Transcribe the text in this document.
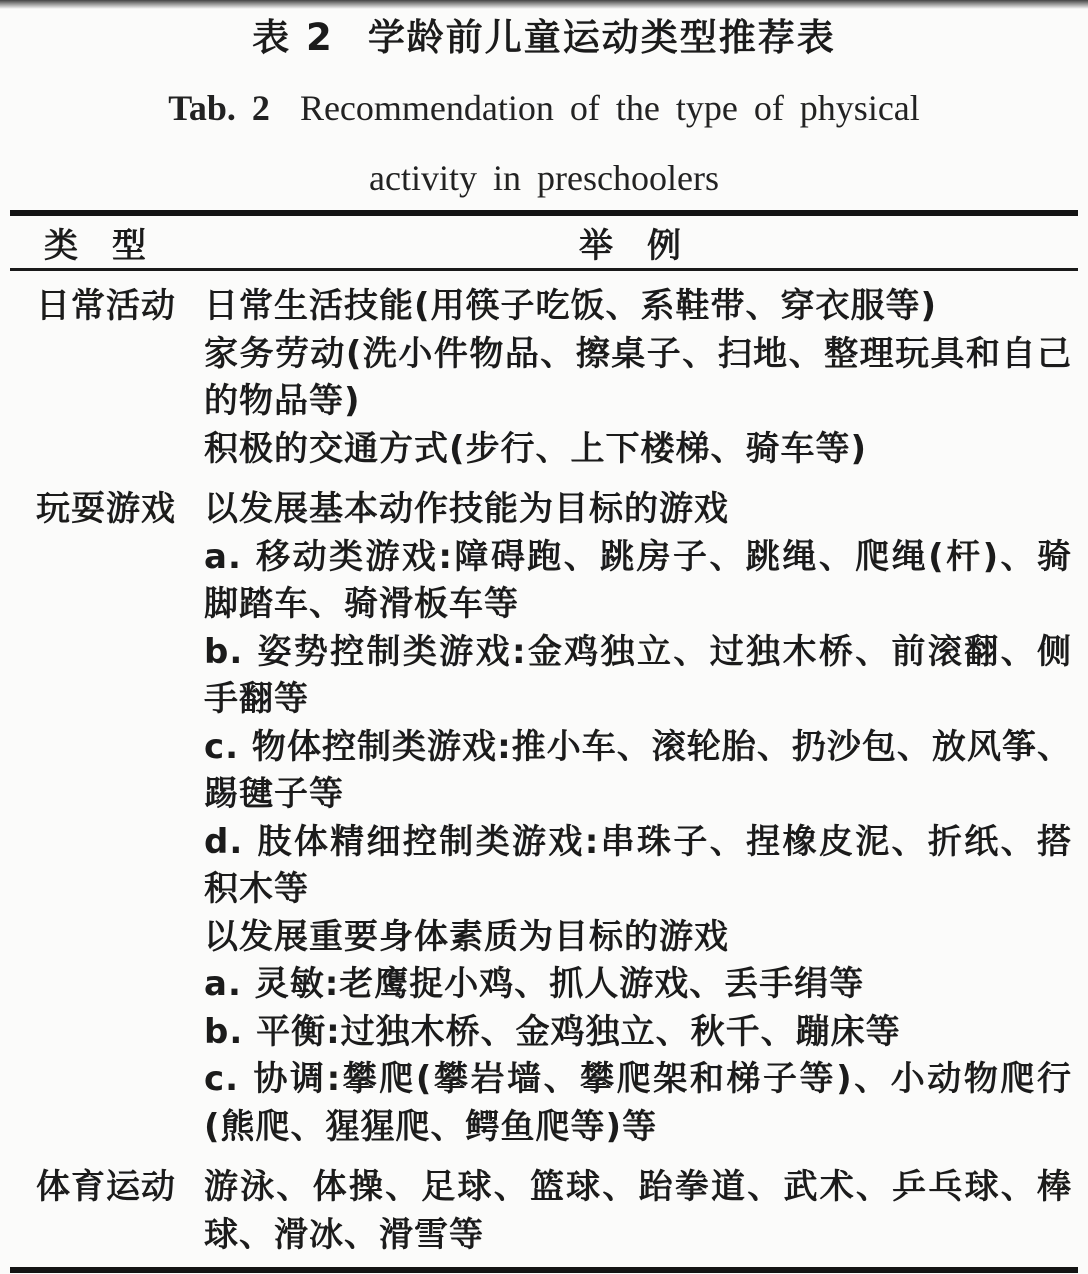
表 2 学龄前儿童运动类型推荐表
Tab. 2 Recommendation of the type of physical
activity in preschoolers
类　型	举　例
日常活动 日常生活技能(用筷子吃饭、系鞋带、穿衣服等)

家务劳动(洗小件物品、擦桌子、扫地、整理玩具和自己的物品等)

积极的交通方式(步行、上下楼梯、骑车等)

玩耍游戏 以发展基本动作技能为目标的游戏

a. 移动类游戏:障碍跑、跳房子、跳绳、爬绳(杆)、骑脚踏车、骑滑板车等

b. 姿势控制类游戏:金鸡独立、过独木桥、前滚翻、侧手翻等

c. 物体控制类游戏:推小车、滚轮胎、扔沙包、放风筝、踢毽子等

d. 肢体精细控制类游戏:串珠子、捏橡皮泥、折纸、搭积木等

以发展重要身体素质为目标的游戏

a. 灵敏:老鹰捉小鸡、抓人游戏、丢手绢等

b. 平衡:过独木桥、金鸡独立、秋千、蹦床等

c. 协调:攀爬(攀岩墙、攀爬架和梯子等)、小动物爬行(熊爬、猩猩爬、鳄鱼爬等)等

体育运动 游泳、体操、足球、篮球、跆拳道、武术、乒乓球、棒球、滑冰、滑雪等
